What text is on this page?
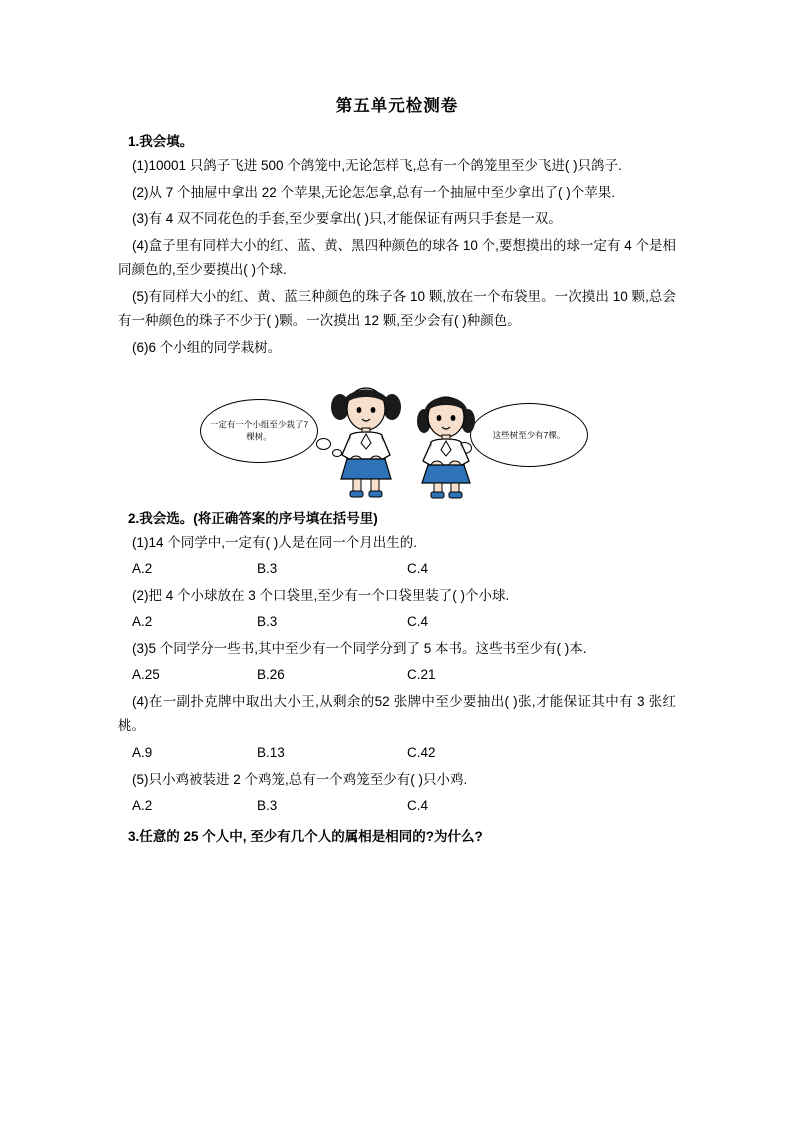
第五单元检测卷
1.我会填。

(1)10001 只鸽子飞进 500 个鸽笼中,无论怎样飞,总有一个鸽笼里至少飞进( )只鸽子.

(2)从 7 个抽屉中拿出 22 个苹果,无论怎怎拿,总有一个抽屉中至少拿出了( )个苹果.

(3)有 4 双不同花色的手套,至少要拿出( )只,才能保证有两只手套是一双。

(4)盒子里有同样大小的红、蓝、黄、黑四种颜色的球各 10 个,要想摸出的球一定有 4 个是相同颜色的,至少要摸出( )个球.

(5)有同样大小的红、黄、蓝三种颜色的珠子各 10 颗,放在一个布袋里。一次摸出 10 颗,总会有一种颜色的珠子不少于( )颗。一次摸出 12 颗,至少会有( )种颜色。

(6)6 个小组的同学栽树。

一定有一个小组至少栽了7棵树。	这些树至少有7棵。
2.我会选。(将正确答案的序号填在括号里)

(1)14 个同学中,一定有( )人是在同一个月出生的.

A.2	B.3	C.4

(2)把 4 个小球放在 3 个口袋里,至少有一个口袋里装了( )个小球.

A.2	B.3	C.4

(3)5 个同学分一些书,其中至少有一个同学分到了 5 本书。这些书至少有( )本.

A.25	B.26	C.21

(4)在一副扑克牌中取出大小王,从剩余的52 张牌中至少要抽出( )张,才能保证其中有 3 张红桃。

A.9	B.13	C.42

(5)只小鸡被装进 2 个鸡笼,总有一个鸡笼至少有( )只小鸡.

A.2	B.3	C.4
3.任意的 25 个人中, 至少有几个人的属相是相同的?为什么?
